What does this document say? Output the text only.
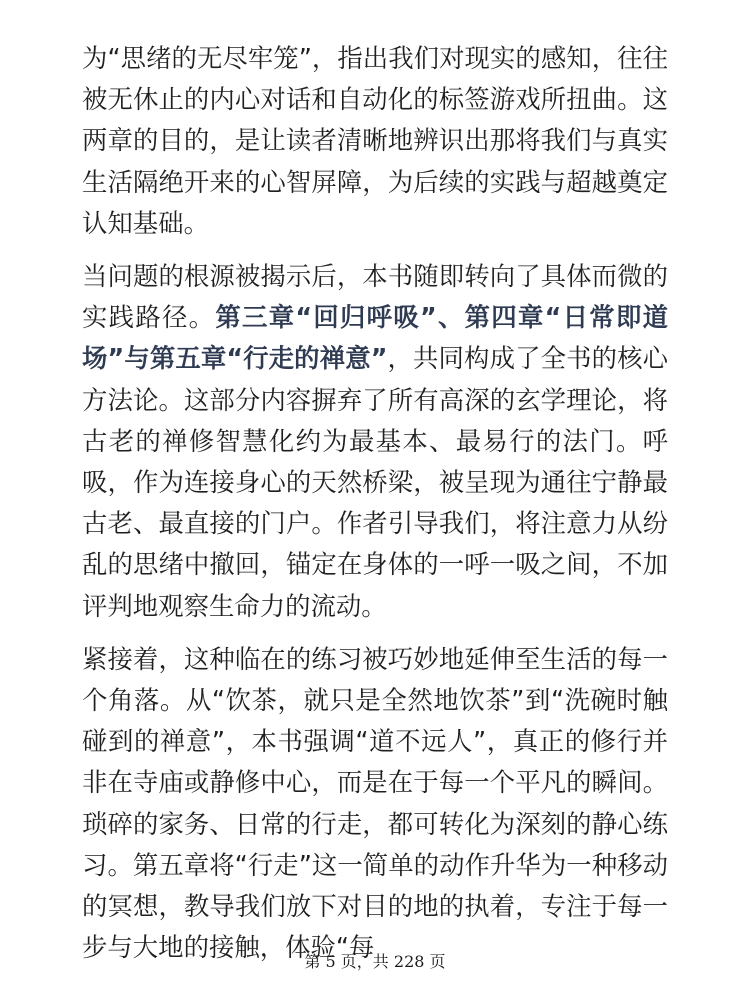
为“思绪的无尽牢笼”，指出我们对现实的感知，往往被无休止的内心对话和自动化的标签游戏所扭曲。这两章的目的，是让读者清晰地辨识出那将我们与真实生活隔绝开来的心智屏障，为后续的实践与超越奠定认知基础。

当问题的根源被揭示后，本书随即转向了具体而微的实践路径。第三章“回归呼吸”、第四章“日常即道场”与第五章“行走的禅意”，共同构成了全书的核心方法论。这部分内容摒弃了所有高深的玄学理论，将古老的禅修智慧化约为最基本、最易行的法门。呼吸，作为连接身心的天然桥梁，被呈现为通往宁静最古老、最直接的门户。作者引导我们，将注意力从纷乱的思绪中撤回，锚定在身体的一呼一吸之间，不加评判地观察生命力的流动。

紧接着，这种临在的练习被巧妙地延伸至生活的每一个角落。从“饮茶，就只是全然地饮茶”到“洗碗时触碰到的禅意”，本书强调“道不远人”，真正的修行并非在寺庙或静修中心，而是在于每一个平凡的瞬间。琐碎的家务、日常的行走，都可转化为深刻的静心练习。第五章将“行走”这一简单的动作升华为一种移动的冥想，教导我们放下对目的地的执着，专注于每一步与大地的接触，体验“每

第 5 页，共 228 页
